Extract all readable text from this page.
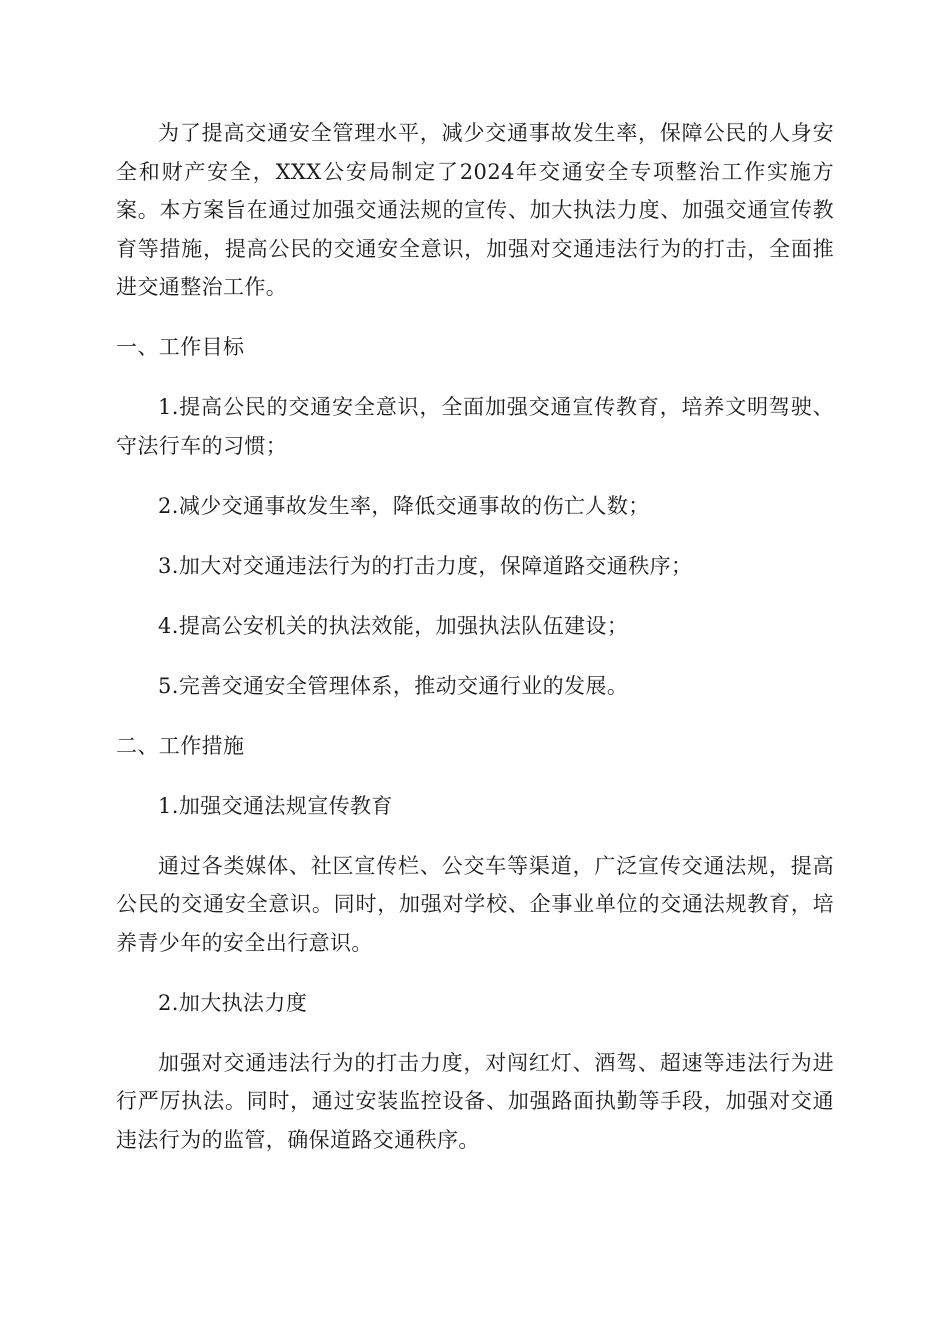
为了提高交通安全管理水平，减少交通事故发生率，保障公民的人身安全和财产安全，XXX公安局制定了2024年交通安全专项整治工作实施方案。本方案旨在通过加强交通法规的宣传、加大执法力度、加强交通宣传教育等措施，提高公民的交通安全意识，加强对交通违法行为的打击，全面推进交通整治工作。

一、工作目标

1.提高公民的交通安全意识，全面加强交通宣传教育，培养文明驾驶、守法行车的习惯；

2.减少交通事故发生率，降低交通事故的伤亡人数；

3.加大对交通违法行为的打击力度，保障道路交通秩序；

4.提高公安机关的执法效能，加强执法队伍建设；

5.完善交通安全管理体系，推动交通行业的发展。

二、工作措施

1.加强交通法规宣传教育

通过各类媒体、社区宣传栏、公交车等渠道，广泛宣传交通法规，提高公民的交通安全意识。同时，加强对学校、企事业单位的交通法规教育，培养青少年的安全出行意识。

2.加大执法力度

加强对交通违法行为的打击力度，对闯红灯、酒驾、超速等违法行为进行严厉执法。同时，通过安装监控设备、加强路面执勤等手段，加强对交通违法行为的监管，确保道路交通秩序。
